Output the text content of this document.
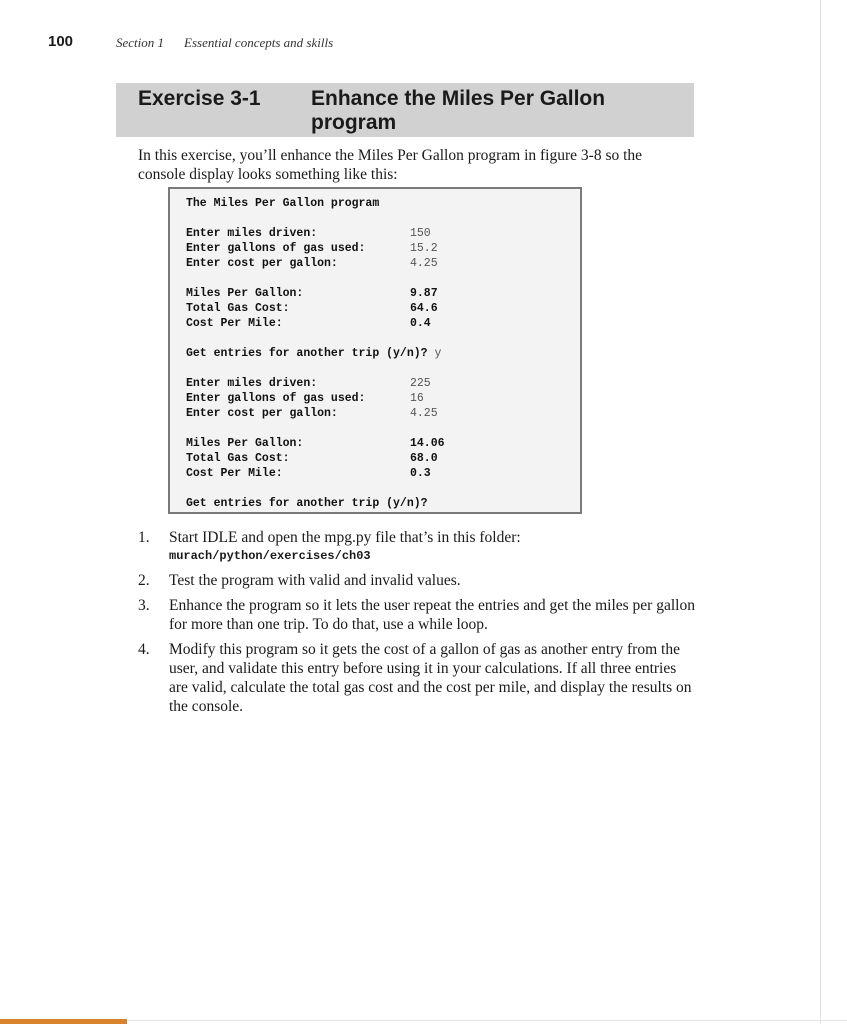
100	Section 1 Essential concepts and skills
Exercise 3-1 Enhance the Miles Per Gallon program
In this exercise, you’ll enhance the Miles Per Gallon program in figure 3-8 so the console display looks something like this:
The Miles Per Gallon program
Enter miles driven:	150
Enter gallons of gas used:	15.2
Enter cost per gallon:	4.25
Miles Per Gallon:	9.87
Total Gas Cost:	64.6
Cost Per Mile:	0.4
Get entries for another trip (y/n)? y
Enter miles driven:	225
Enter gallons of gas used:	16
Enter cost per gallon:	4.25
Miles Per Gallon:	14.06
Total Gas Cost:	68.0
Cost Per Mile:	0.3
Get entries for another trip (y/n)?
1. Start IDLE and open the mpg.py file that’s in this folder:
murach/python/exercises/ch03
2. Test the program with valid and invalid values.
3. Enhance the program so it lets the user repeat the entries and get the miles per gallon for more than one trip. To do that, use a while loop.
4. Modify this program so it gets the cost of a gallon of gas as another entry from the user, and validate this entry before using it in your calculations. If all three entries are valid, calculate the total gas cost and the cost per mile, and display the results on the console.
